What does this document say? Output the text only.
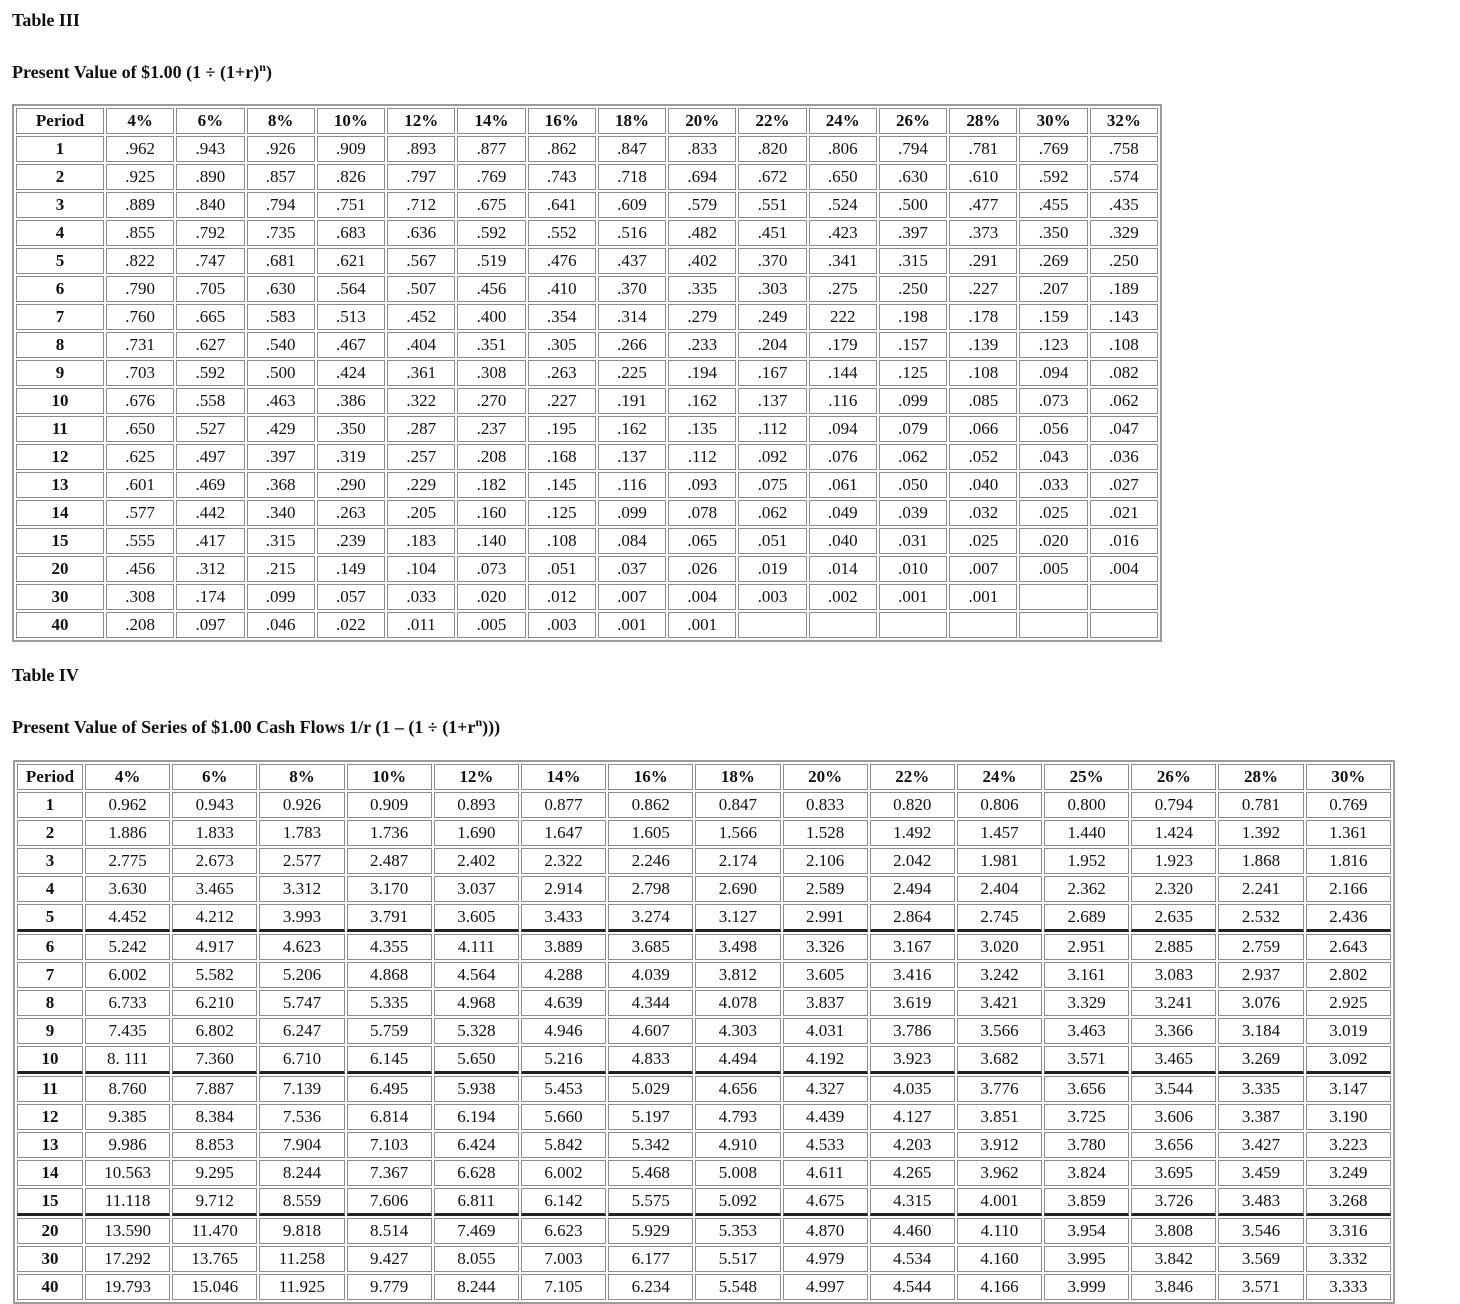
Table III
Present Value of $1.00 $(1 \div (1+r)^n)$
Period	4%	6%	8%	10%	12%	14%	16%	18%	20%	22%	24%	26%	28%	30%	32%
1	.962	.943	.926	.909	.893	.877	.862	.847	.833	.820	.806	.794	.781	.769	.758
2	.925	.890	.857	.826	.797	.769	.743	.718	.694	.672	.650	.630	.610	.592	.574
3	.889	.840	.794	.751	.712	.675	.641	.609	.579	.551	.524	.500	.477	.455	.435
4	.855	.792	.735	.683	.636	.592	.552	.516	.482	.451	.423	.397	.373	.350	.329
5	.822	.747	.681	.621	.567	.519	.476	.437	.402	.370	.341	.315	.291	.269	.250
6	.790	.705	.630	.564	.507	.456	.410	.370	.335	.303	.275	.250	.227	.207	.189
7	.760	.665	.583	.513	.452	.400	.354	.314	.279	.249	222	.198	.178	.159	.143
8	.731	.627	.540	.467	.404	.351	.305	.266	.233	.204	.179	.157	.139	.123	.108
9	.703	.592	.500	.424	.361	.308	.263	.225	.194	.167	.144	.125	.108	.094	.082
10	.676	.558	.463	.386	.322	.270	.227	.191	.162	.137	.116	.099	.085	.073	.062
11	.650	.527	.429	.350	.287	.237	.195	.162	.135	.112	.094	.079	.066	.056	.047
12	.625	.497	.397	.319	.257	.208	.168	.137	.112	.092	.076	.062	.052	.043	.036
13	.601	.469	.368	.290	.229	.182	.145	.116	.093	.075	.061	.050	.040	.033	.027
14	.577	.442	.340	.263	.205	.160	.125	.099	.078	.062	.049	.039	.032	.025	.021
15	.555	.417	.315	.239	.183	.140	.108	.084	.065	.051	.040	.031	.025	.020	.016
20	.456	.312	.215	.149	.104	.073	.051	.037	.026	.019	.014	.010	.007	.005	.004
30	.308	.174	.099	.057	.033	.020	.012	.007	.004	.003	.002	.001	.001		
40	.208	.097	.046	.022	.011	.005	.003	.001	.001						
Table IV
Present Value of Series of $1.00 Cash Flows 1/r $(1 - (1 \div (1+r^n)))$
Period	4%	6%	8%	10%	12%	14%	16%	18%	20%	22%	24%	25%	26%	28%	30%
1	0.962	0.943	0.926	0.909	0.893	0.877	0.862	0.847	0.833	0.820	0.806	0.800	0.794	0.781	0.769
2	1.886	1.833	1.783	1.736	1.690	1.647	1.605	1.566	1.528	1.492	1.457	1.440	1.424	1.392	1.361
3	2.775	2.673	2.577	2.487	2.402	2.322	2.246	2.174	2.106	2.042	1.981	1.952	1.923	1.868	1.816
4	3.630	3.465	3.312	3.170	3.037	2.914	2.798	2.690	2.589	2.494	2.404	2.362	2.320	2.241	2.166
5	4.452	4.212	3.993	3.791	3.605	3.433	3.274	3.127	2.991	2.864	2.745	2.689	2.635	2.532	2.436
6	5.242	4.917	4.623	4.355	4.111	3.889	3.685	3.498	3.326	3.167	3.020	2.951	2.885	2.759	2.643
7	6.002	5.582	5.206	4.868	4.564	4.288	4.039	3.812	3.605	3.416	3.242	3.161	3.083	2.937	2.802
8	6.733	6.210	5.747	5.335	4.968	4.639	4.344	4.078	3.837	3.619	3.421	3.329	3.241	3.076	2.925
9	7.435	6.802	6.247	5.759	5.328	4.946	4.607	4.303	4.031	3.786	3.566	3.463	3.366	3.184	3.019
10	8. 111	7.360	6.710	6.145	5.650	5.216	4.833	4.494	4.192	3.923	3.682	3.571	3.465	3.269	3.092
11	8.760	7.887	7.139	6.495	5.938	5.453	5.029	4.656	4.327	4.035	3.776	3.656	3.544	3.335	3.147
12	9.385	8.384	7.536	6.814	6.194	5.660	5.197	4.793	4.439	4.127	3.851	3.725	3.606	3.387	3.190
13	9.986	8.853	7.904	7.103	6.424	5.842	5.342	4.910	4.533	4.203	3.912	3.780	3.656	3.427	3.223
14	10.563	9.295	8.244	7.367	6.628	6.002	5.468	5.008	4.611	4.265	3.962	3.824	3.695	3.459	3.249
15	11.118	9.712	8.559	7.606	6.811	6.142	5.575	5.092	4.675	4.315	4.001	3.859	3.726	3.483	3.268
20	13.590	11.470	9.818	8.514	7.469	6.623	5.929	5.353	4.870	4.460	4.110	3.954	3.808	3.546	3.316
30	17.292	13.765	11.258	9.427	8.055	7.003	6.177	5.517	4.979	4.534	4.160	3.995	3.842	3.569	3.332
40	19.793	15.046	11.925	9.779	8.244	7.105	6.234	5.548	4.997	4.544	4.166	3.999	3.846	3.571	3.333
